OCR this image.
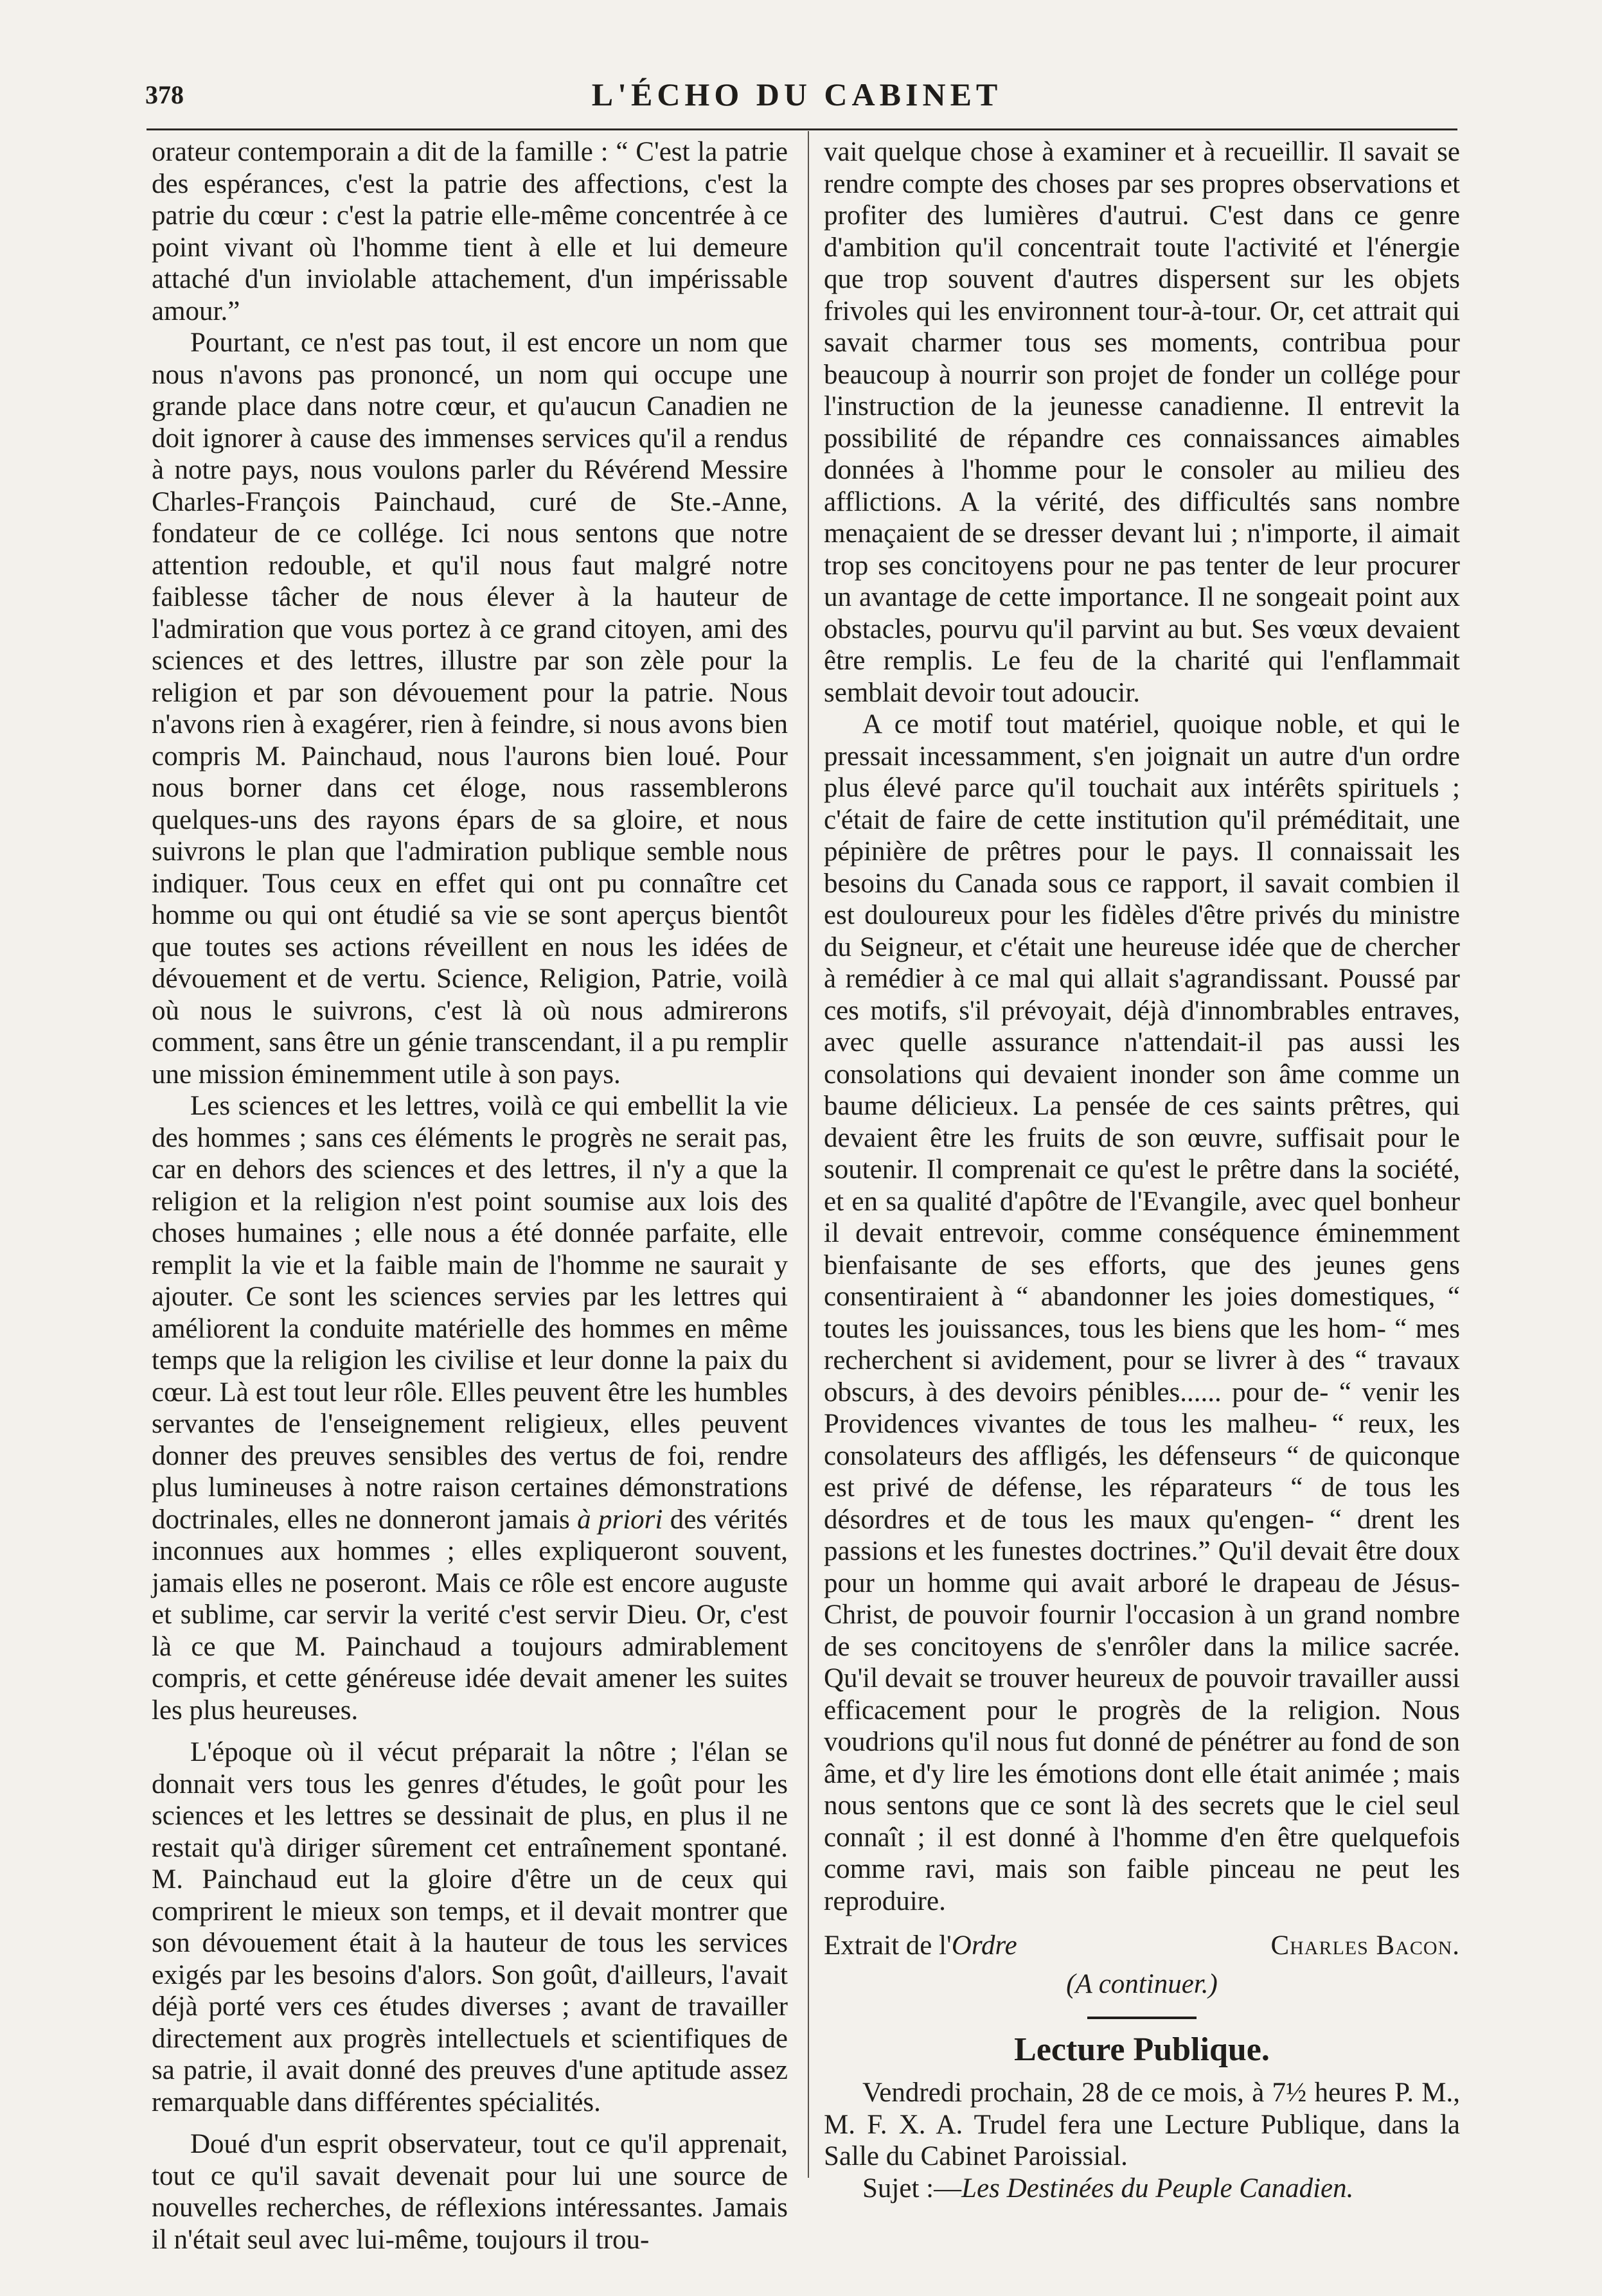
378	L'ÉCHO DU CABINET

orateur contemporain a dit de la famille : “ C'est la patrie des espérances, c'est la patrie des affections, c'est la patrie du cœur : c'est la patrie elle-même concentrée à ce point vivant où l'homme tient à elle et lui demeure attaché d'un inviolable attachement, d'un impérissable amour.”

Pourtant, ce n'est pas tout, il est encore un nom que nous n'avons pas prononcé, un nom qui occupe une grande place dans notre cœur, et qu'aucun Canadien ne doit ignorer à cause des immenses services qu'il a rendus à notre pays, nous voulons parler du Révérend Messire Charles-François Painchaud, curé de Ste.-Anne, fondateur de ce collége. Ici nous sentons que notre attention redouble, et qu'il nous faut malgré notre faiblesse tâcher de nous élever à la hauteur de l'admiration que vous portez à ce grand citoyen, ami des sciences et des lettres, illustre par son zèle pour la religion et par son dévouement pour la patrie. Nous n'avons rien à exagérer, rien à feindre, si nous avons bien compris M. Painchaud, nous l'aurons bien loué. Pour nous borner dans cet éloge, nous rassemblerons quelques-uns des rayons épars de sa gloire, et nous suivrons le plan que l'admiration publique semble nous indiquer. Tous ceux en effet qui ont pu connaître cet homme ou qui ont étudié sa vie se sont aperçus bientôt que toutes ses actions réveillent en nous les idées de dévouement et de vertu. Science, Religion, Patrie, voilà où nous le suivrons, c'est là où nous admirerons comment, sans être un génie transcendant, il a pu remplir une mission éminemment utile à son pays.

Les sciences et les lettres, voilà ce qui embellit la vie des hommes ; sans ces éléments le progrès ne serait pas, car en dehors des sciences et des lettres, il n'y a que la religion et la religion n'est point soumise aux lois des choses humaines ; elle nous a été donnée parfaite, elle remplit la vie et la faible main de l'homme ne saurait y ajouter. Ce sont les sciences servies par les lettres qui améliorent la conduite matérielle des hommes en même temps que la religion les civilise et leur donne la paix du cœur. Là est tout leur rôle. Elles peuvent être les humbles servantes de l'enseignement religieux, elles peuvent donner des preuves sensibles des vertus de foi, rendre plus lumineuses à notre raison certaines démonstrations doctrinales, elles ne donneront jamais à priori des vérités inconnues aux hommes ; elles expliqueront souvent, jamais elles ne poseront. Mais ce rôle est encore auguste et sublime, car servir la verité c'est servir Dieu. Or, c'est là ce que M. Painchaud a toujours admirablement compris, et cette généreuse idée devait amener les suites les plus heureuses.

L'époque où il vécut préparait la nôtre ; l'élan se donnait vers tous les genres d'études, le goût pour les sciences et les lettres se dessinait de plus, en plus il ne restait qu'à diriger sûrement cet entraînement spontané. M. Painchaud eut la gloire d'être un de ceux qui comprirent le mieux son temps, et il devait montrer que son dévouement était à la hauteur de tous les services exigés par les besoins d'alors. Son goût, d'ailleurs, l'avait déjà porté vers ces études diverses ; avant de travailler directement aux progrès intellectuels et scientifiques de sa patrie, il avait donné des preuves d'une aptitude assez remarquable dans différentes spécialités.

Doué d'un esprit observateur, tout ce qu'il apprenait, tout ce qu'il savait devenait pour lui une source de nouvelles recherches, de réflexions intéressantes. Jamais il n'était seul avec lui-même, toujours il trou-

vait quelque chose à examiner et à recueillir. Il savait se rendre compte des choses par ses propres observations et profiter des lumières d'autrui. C'est dans ce genre d'ambition qu'il concentrait toute l'activité et l'énergie que trop souvent d'autres dispersent sur les objets frivoles qui les environnent tour-à-tour. Or, cet attrait qui savait charmer tous ses moments, contribua pour beaucoup à nourrir son projet de fonder un collége pour l'instruction de la jeunesse canadienne. Il entrevit la possibilité de répandre ces connaissances aimables données à l'homme pour le consoler au milieu des afflictions. A la vérité, des difficultés sans nombre menaçaient de se dresser devant lui ; n'importe, il aimait trop ses concitoyens pour ne pas tenter de leur procurer un avantage de cette importance. Il ne songeait point aux obstacles, pourvu qu'il parvint au but. Ses vœux devaient être remplis. Le feu de la charité qui l'enflammait semblait devoir tout adoucir.

A ce motif tout matériel, quoique noble, et qui le pressait incessamment, s'en joignait un autre d'un ordre plus élevé parce qu'il touchait aux intérêts spirituels ; c'était de faire de cette institution qu'il préméditait, une pépinière de prêtres pour le pays. Il connaissait les besoins du Canada sous ce rapport, il savait combien il est douloureux pour les fidèles d'être privés du ministre du Seigneur, et c'était une heureuse idée que de chercher à remédier à ce mal qui allait s'agrandissant. Poussé par ces motifs, s'il prévoyait, déjà d'innombrables entraves, avec quelle assurance n'attendait-il pas aussi les consolations qui devaient inonder son âme comme un baume délicieux. La pensée de ces saints prêtres, qui devaient être les fruits de son œuvre, suffisait pour le soutenir. Il comprenait ce qu'est le prêtre dans la société, et en sa qualité d'apôtre de l'Evangile, avec quel bonheur il devait entrevoir, comme conséquence éminemment bienfaisante de ses efforts, que des jeunes gens consentiraient à “ abandonner les joies domestiques, “ toutes les jouissances, tous les biens que les hom- “ mes recherchent si avidement, pour se livrer à des “ travaux obscurs, à des devoirs pénibles...... pour de- “ venir les Providences vivantes de tous les malheu- “ reux, les consolateurs des affligés, les défenseurs “ de quiconque est privé de défense, les réparateurs “ de tous les désordres et de tous les maux qu'engen- “ drent les passions et les funestes doctrines.” Qu'il devait être doux pour un homme qui avait arboré le drapeau de Jésus-Christ, de pouvoir fournir l'occasion à un grand nombre de ses concitoyens de s'enrôler dans la milice sacrée. Qu'il devait se trouver heureux de pouvoir travailler aussi efficacement pour le progrès de la religion. Nous voudrions qu'il nous fut donné de pénétrer au fond de son âme, et d'y lire les émotions dont elle était animée ; mais nous sentons que ce sont là des secrets que le ciel seul connaît ; il est donné à l'homme d'en être quelquefois comme ravi, mais son faible pinceau ne peut les reproduire.

Extrait de l'Ordre	Charles Bacon.
(A continuer.)
Lecture Publique.

Vendredi prochain, 28 de ce mois, à 7½ heures P. M., M. F. X. A. Trudel fera une Lecture Publique, dans la Salle du Cabinet Paroissial.

Sujet :—Les Destinées du Peuple Canadien.
